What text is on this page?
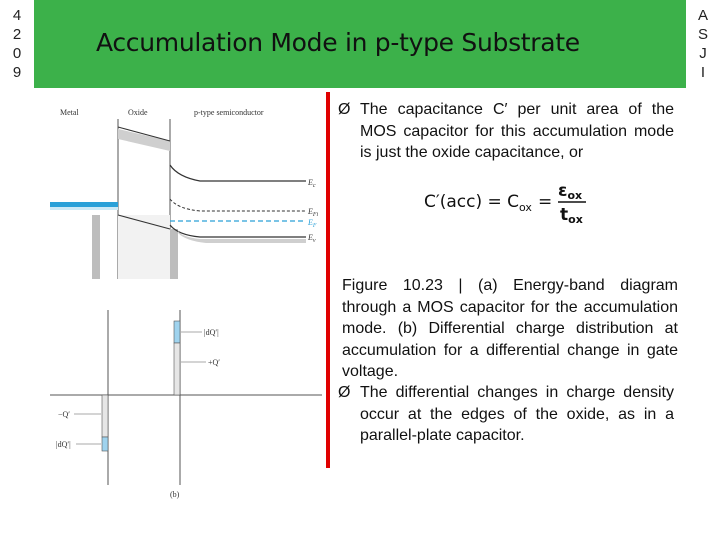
4
2
0
9
A
S
J
I
Accumulation Mode in p-type Substrate
Metal	Oxide	p-type semiconductor
$E_c$
$E_{Fi}$
$E_F$
$E_v$
|dQ′|
+Q′
−Q′
|dQ′|
(b)
Ø The capacitance C′ per unit area of the MOS capacitor for this accumulation mode is just the oxide capacitance, or
$C'(acc) = C_{ox}$ =
εox
tox
Figure 10.23 | (a) Energy-band diagram through a MOS capacitor for the accumulation mode. (b) Differential charge distribution at accumulation for a differential change in gate voltage.
Ø The differential changes in charge density occur at the edges of the oxide, as in a parallel-plate capacitor.
